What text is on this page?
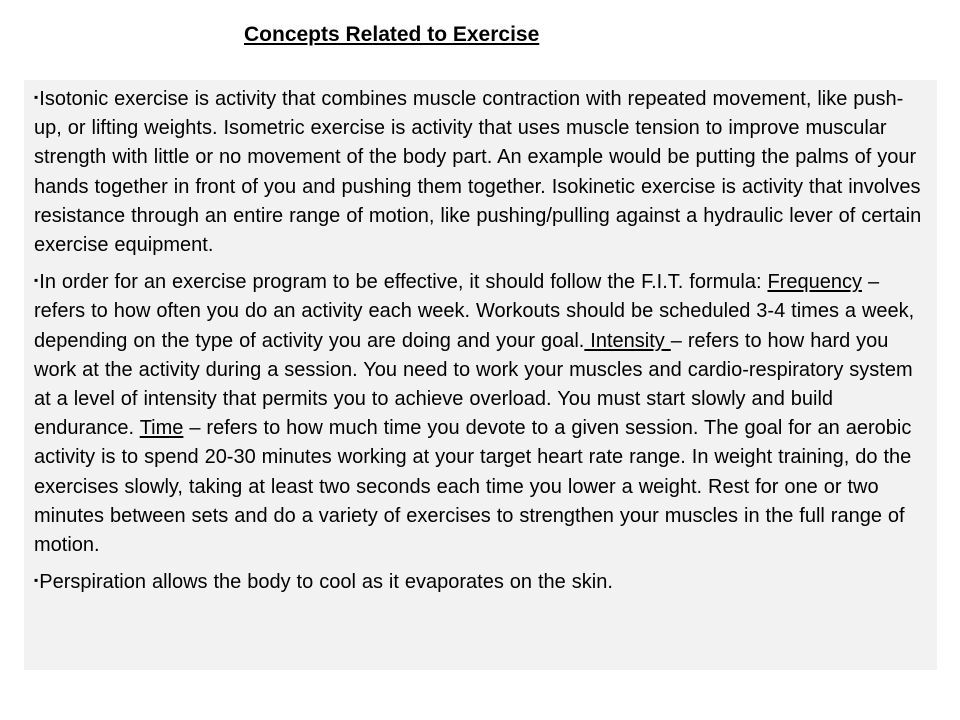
Concepts Related to Exercise
▪Isotonic exercise is activity that combines muscle contraction with repeated movement, like push-up, or lifting weights. Isometric exercise is activity that uses muscle tension to improve muscular strength with little or no movement of the body part. An example would be putting the palms of your hands together in front of you and pushing them together. Isokinetic exercise is activity that involves resistance through an entire range of motion, like pushing/pulling against a hydraulic lever of certain exercise equipment.
▪In order for an exercise program to be effective, it should follow the F.I.T. formula: Frequency – refers to how often you do an activity each week. Workouts should be scheduled 3-4 times a week, depending on the type of activity you are doing and your goal. Intensity – refers to how hard you work at the activity during a session. You need to work your muscles and cardio-respiratory system at a level of intensity that permits you to achieve overload. You must start slowly and build endurance. Time – refers to how much time you devote to a given session. The goal for an aerobic activity is to spend 20-30 minutes working at your target heart rate range. In weight training, do the exercises slowly, taking at least two seconds each time you lower a weight. Rest for one or two minutes between sets and do a variety of exercises to strengthen your muscles in the full range of motion.
▪Perspiration allows the body to cool as it evaporates on the skin.
